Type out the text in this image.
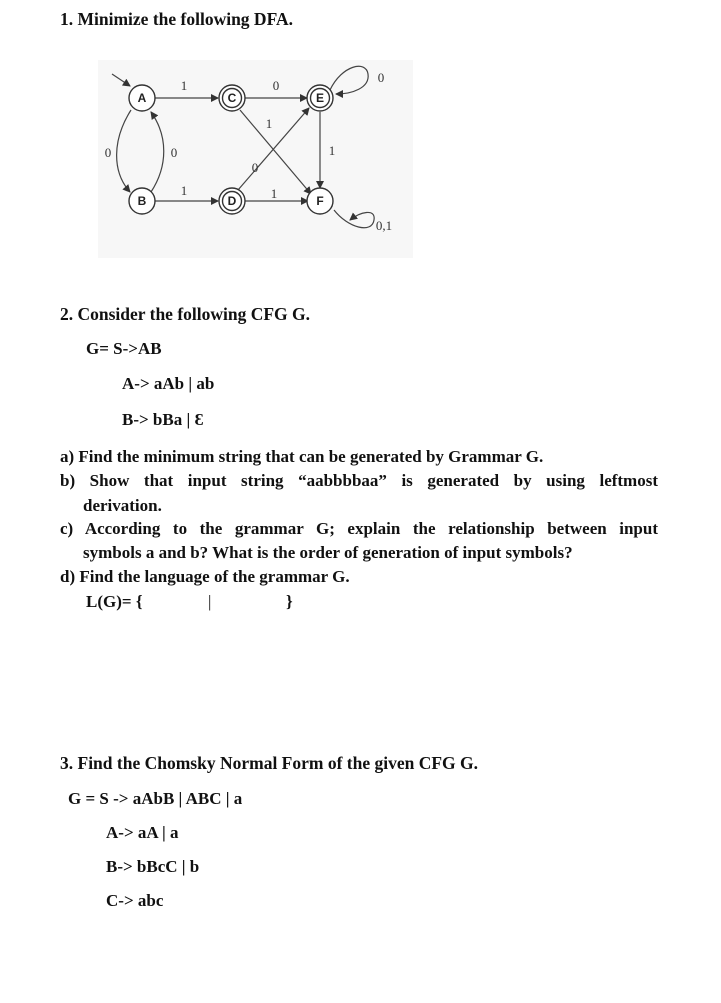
1. Minimize the following DFA.
A
B
C
D
E
F
1	0
0
0	0
1
0
1
1	1
0,1
2. Consider the following CFG G.
G= S->AB
A-> aAb | ab
B-> bBa | Ɛ
a) Find the minimum string that can be generated by Grammar G.
b) Show that input string “aabbbbaa” is generated by using leftmost
derivation.
c) According to the grammar G; explain the relationship between input
symbols a and b? What is the order of generation of input symbols?
d) Find the language of the grammar G.
L(G)= {	|	}
3. Find the Chomsky Normal Form of the given CFG G.
G = S -> aAbB | ABC | a
A-> aA | a
B-> bBcC | b
C-> abc
